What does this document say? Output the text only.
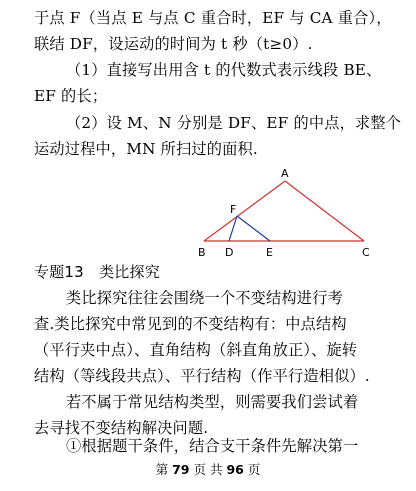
于点 F（当点 E 与点 C 重合时，EF 与 CA 重合），
联结 DF，设运动的时间为 t 秒（t≥0）.
（1）直接写出用含 t 的代数式表示线段 BE、
EF 的长；
（2）设 M、N 分别是 DF、EF 的中点，求整个
运动过程中，MN 所扫过的面积.
A
F
B D	E	C
专题13　类比探究
类比探究往往会围绕一个不变结构进行考
查.类比探究中常见到的不变结构有：中点结构
（平行夹中点）、直角结构（斜直角放正）、旋转
结构（等线段共点）、平行结构（作平行造相似）.
若不属于常见结构类型，则需要我们尝试着
去寻找不变结构解决问题.
①根据题干条件，结合支干条件先解决第一
第 79 页 共 96 页
